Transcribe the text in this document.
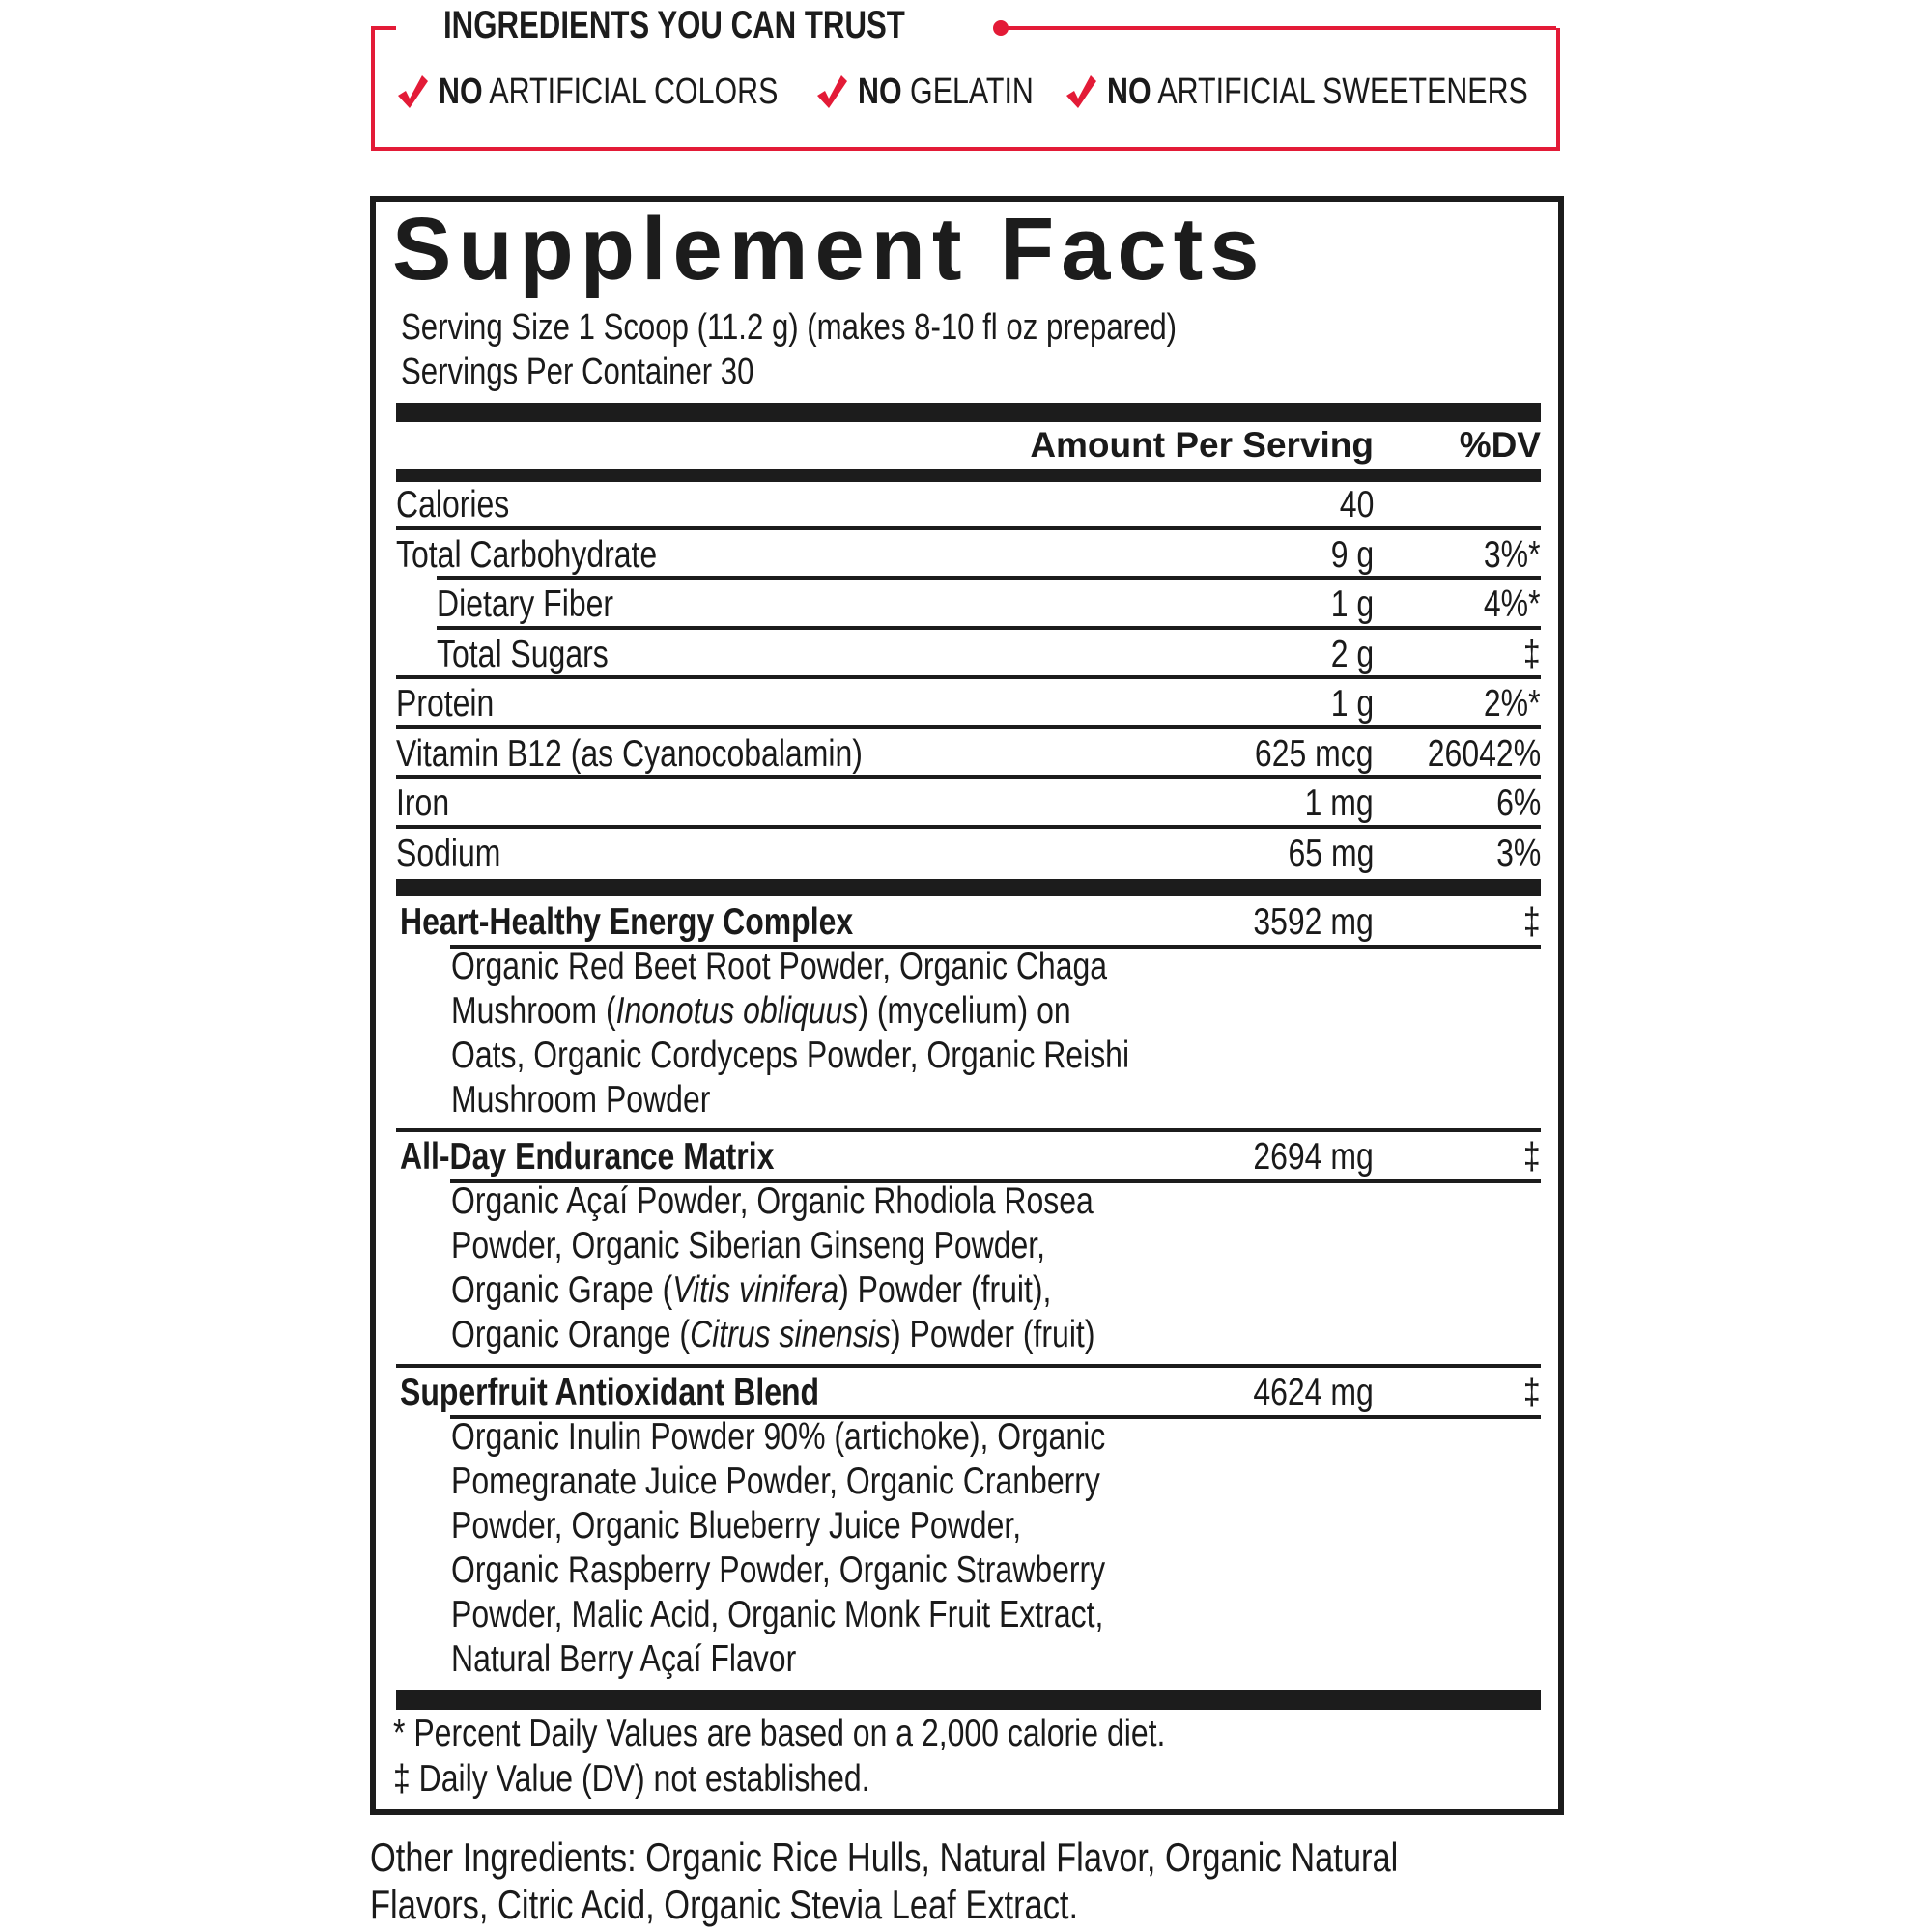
INGREDIENTS YOU CAN TRUST
NO ARTIFICIAL COLORS NO GELATIN NO ARTIFICIAL SWEETENERS
Supplement Facts
Serving Size 1 Scoop (11.2 g) (makes 8-10 fl oz prepared)
Servings Per Container 30
Amount Per Serving %DV
Calories	40
Total Carbohydrate	9 g	3%*
Dietary Fiber	1 g	4%*
Total Sugars	2 g	‡
Protein	1 g	2%*
Vitamin B12 (as Cyanocobalamin)	625 mcg 26042%
Iron	1 mg	6%
Sodium	65 mg	3%
Heart-Healthy Energy Complex	3592 mg	‡
Organic Red Beet Root Powder, Organic Chaga
Mushroom (Inonotus obliquus) (mycelium) on
Oats, Organic Cordyceps Powder, Organic Reishi
Mushroom Powder
All-Day Endurance Matrix	2694 mg	‡
Organic Açaí Powder, Organic Rhodiola Rosea
Powder, Organic Siberian Ginseng Powder,
Organic Grape (Vitis vinifera) Powder (fruit),
Organic Orange (Citrus sinensis) Powder (fruit)
Superfruit Antioxidant Blend	4624 mg	‡
Organic Inulin Powder 90% (artichoke), Organic
Pomegranate Juice Powder, Organic Cranberry
Powder, Organic Blueberry Juice Powder,
Organic Raspberry Powder, Organic Strawberry
Powder, Malic Acid, Organic Monk Fruit Extract,
Natural Berry Açaí Flavor
* Percent Daily Values are based on a 2,000 calorie diet.
‡ Daily Value (DV) not established.
Other Ingredients: Organic Rice Hulls, Natural Flavor, Organic Natural
Flavors, Citric Acid, Organic Stevia Leaf Extract.
